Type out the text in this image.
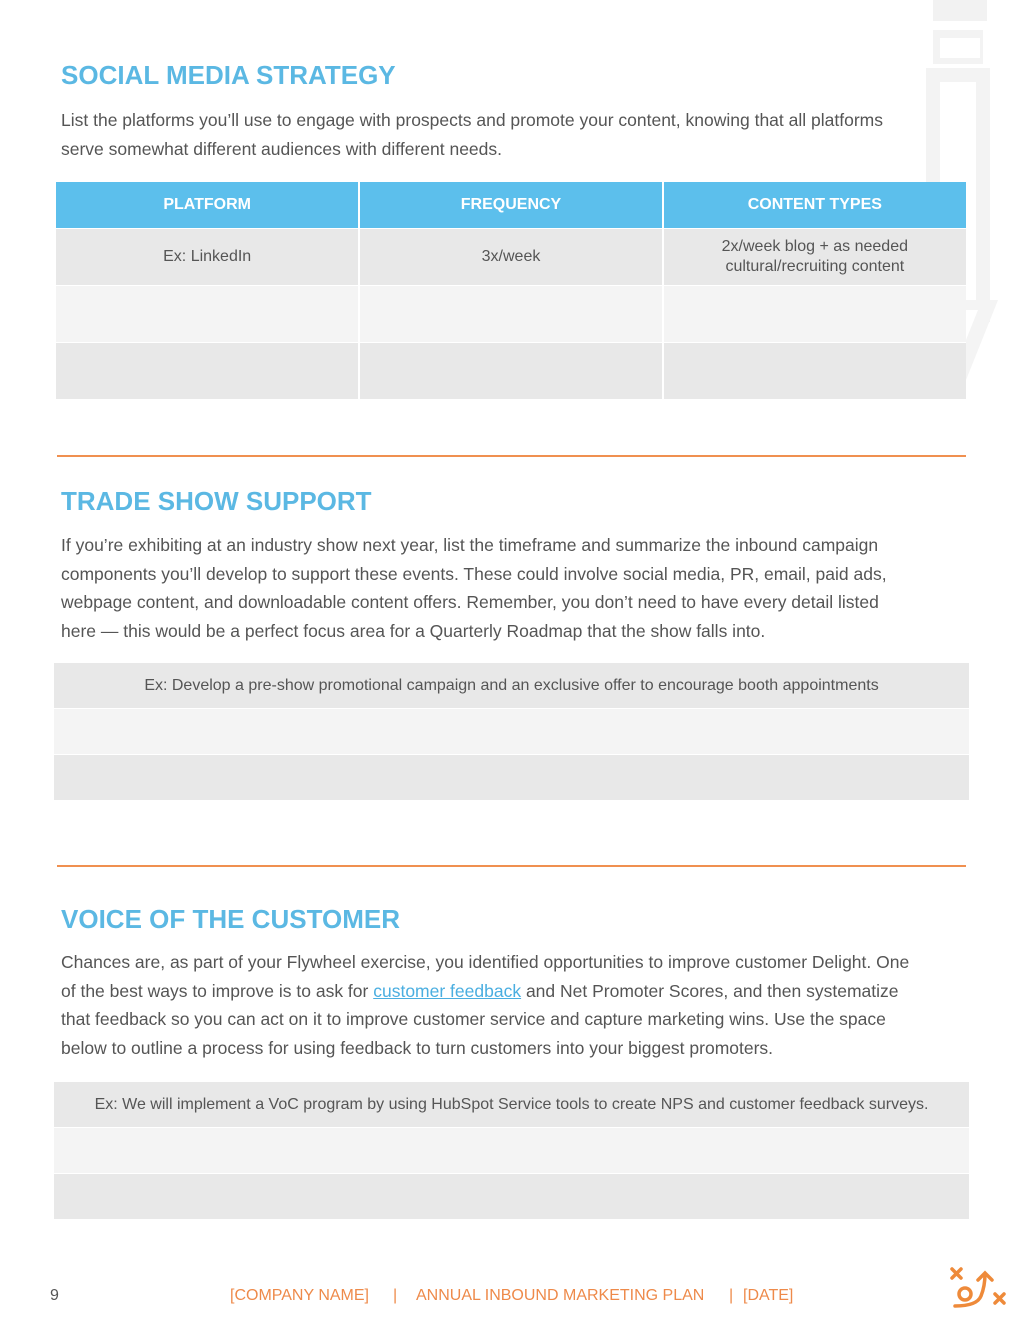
SOCIAL MEDIA STRATEGY

List the platforms you’ll use to engage with prospects and promote your content, knowing that all platforms
serve somewhat different audiences with different needs.

PLATFORM	FREQUENCY	CONTENT TYPES
Ex: LinkedIn	3x/week	2x/week blog + as needed cultural/recruiting content

TRADE SHOW SUPPORT

If you’re exhibiting at an industry show next year, list the timeframe and summarize the inbound campaign
components you’ll develop to support these events. These could involve social media, PR, email, paid ads,
webpage content, and downloadable content offers. Remember, you don’t need to have every detail listed
here — this would be a perfect focus area for a Quarterly Roadmap that the show falls into.

Ex: Develop a pre-show promotional campaign and an exclusive offer to encourage booth appointments
VOICE OF THE CUSTOMER

Chances are, as part of your Flywheel exercise, you identified opportunities to improve customer Delight. One
of the best ways to improve is to ask for customer feedback and Net Promoter Scores, and then systematize
that feedback so you can act on it to improve customer service and capture marketing wins. Use the space
below to outline a process for using feedback to turn customers into your biggest promoters.

Ex: We will implement a VoC program by using HubSpot Service tools to create NPS and customer feedback surveys.
9	[COMPANY NAME] | ANNUAL INBOUND MARKETING PLAN | [DATE]
